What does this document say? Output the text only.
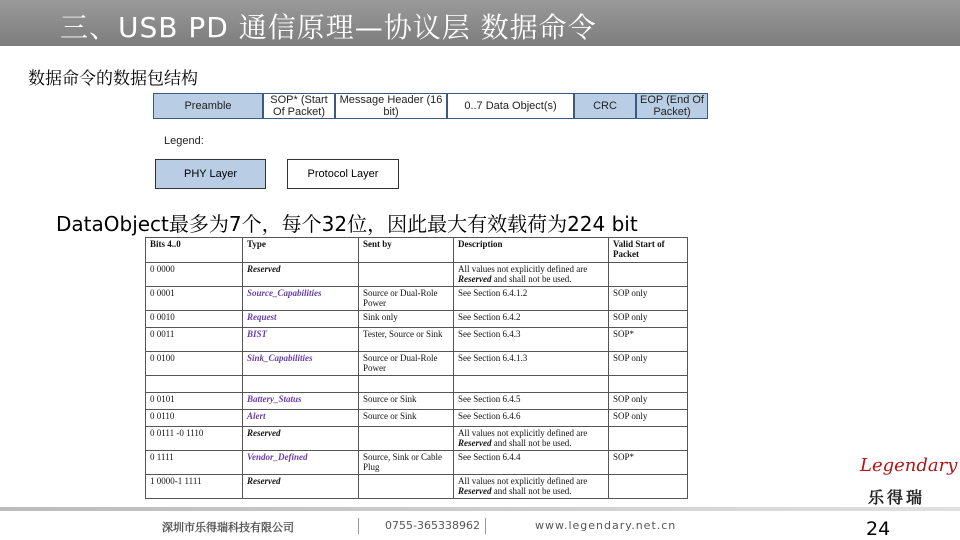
三、USB PD 通信原理—协议层 数据命令
数据命令的数据包结构
Preamble	SOP* (Start Of Packet)
Message Header (16 bit)	0..7 Data Object(s)	CRC	EOP (End Of Packet)
Legend:
PHY Layer	Protocol Layer
DataObject最多为7个，每个32位，因此最大有效载荷为224 bit
Bits 4..0	Type	Sent by	Description	Valid Start of Packet
0 0000	Reserved		All values not explicitly defined are
Reserved and shall not be used.	
0 0001	Source_Capabilities	Source or Dual-Role Power	See Section 6.4.1.2	SOP only
0 0010	Request	Sink only	See Section 6.4.2	SOP only
0 0011	BIST	Tester, Source or Sink	See Section 6.4.3	SOP*
0 0100	Sink_Capabilities	Source or Dual-Role Power	See Section 6.4.1.3	SOP only

0 0101	Battery_Status	Source or Sink	See Section 6.4.5	SOP only
0 0110	Alert	Source or Sink	See Section 6.4.6	SOP only
0 0111 -0 1110	Reserved		All values not explicitly defined are
Reserved and shall not be used.	
0 1111	Vendor_Defined	Source, Sink or Cable Plug	See Section 6.4.4	SOP*
1 0000-1 1111	Reserved		All values not explicitly defined are
Reserved and shall not be used.	
Legendary
乐得瑞
深圳市乐得瑞科技有限公司	0755-365338962	www.legendary.net.cn	24
